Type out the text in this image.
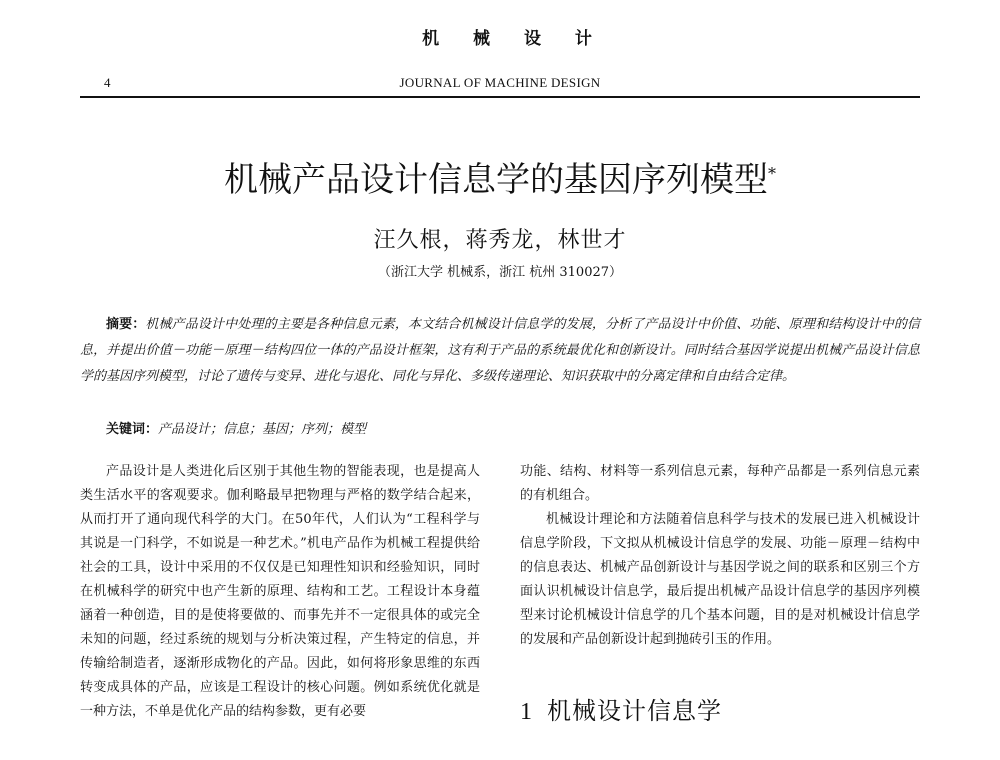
机 械 设 计
4	JOURNAL OF MACHINE DESIGN
机械产品设计信息学的基因序列模型*
汪久根，蒋秀龙，林世才
（浙江大学 机械系，浙江 杭州 310027）

摘要：机械产品设计中处理的主要是各种信息元素，本文结合机械设计信息学的发展，分析了产品设计中价值、功能、原理和结构设计中的信息，并提出价值－功能－原理－结构四位一体的产品设计框架，这有利于产品的系统最优化和创新设计。同时结合基因学说提出机械产品设计信息学的基因序列模型，讨论了遗传与变异、进化与退化、同化与异化、多级传递理论、知识获取中的分离定律和自由结合定律。

关键词：产品设计；信息；基因；序列；模型

产品设计是人类进化后区别于其他生物的智能表现，也是提高人类生活水平的客观要求。伽利略最早把物理与严格的数学结合起来，从而打开了通向现代科学的大门。在50年代，人们认为“工程科学与其说是一门科学，不如说是一种艺术。”机电产品作为机械工程提供给社会的工具，设计中采用的不仅仅是已知理性知识和经验知识，同时在机械科学的研究中也产生新的原理、结构和工艺。工程设计本身蕴涵着一种创造，目的是使将要做的、而事先并不一定很具体的或完全未知的问题，经过系统的规划与分析决策过程，产生特定的信息，并传输给制造者，逐渐形成物化的产品。因此，如何将形象思维的东西转变成具体的产品，应该是工程设计的核心问题。例如系统优化就是一种方法，不单是优化产品的结构参数，更有必要

功能、结构、材料等一系列信息元素，每种产品都是一系列信息元素的有机组合。

机械设计理论和方法随着信息科学与技术的发展已进入机械设计信息学阶段，下文拟从机械设计信息学的发展、功能－原理－结构中的信息表达、机械产品创新设计与基因学说之间的联系和区别三个方面认识机械设计信息学，最后提出机械产品设计信息学的基因序列模型来讨论机械设计信息学的几个基本问题，目的是对机械设计信息学的发展和产品创新设计起到抛砖引玉的作用。

1 机械设计信息学
